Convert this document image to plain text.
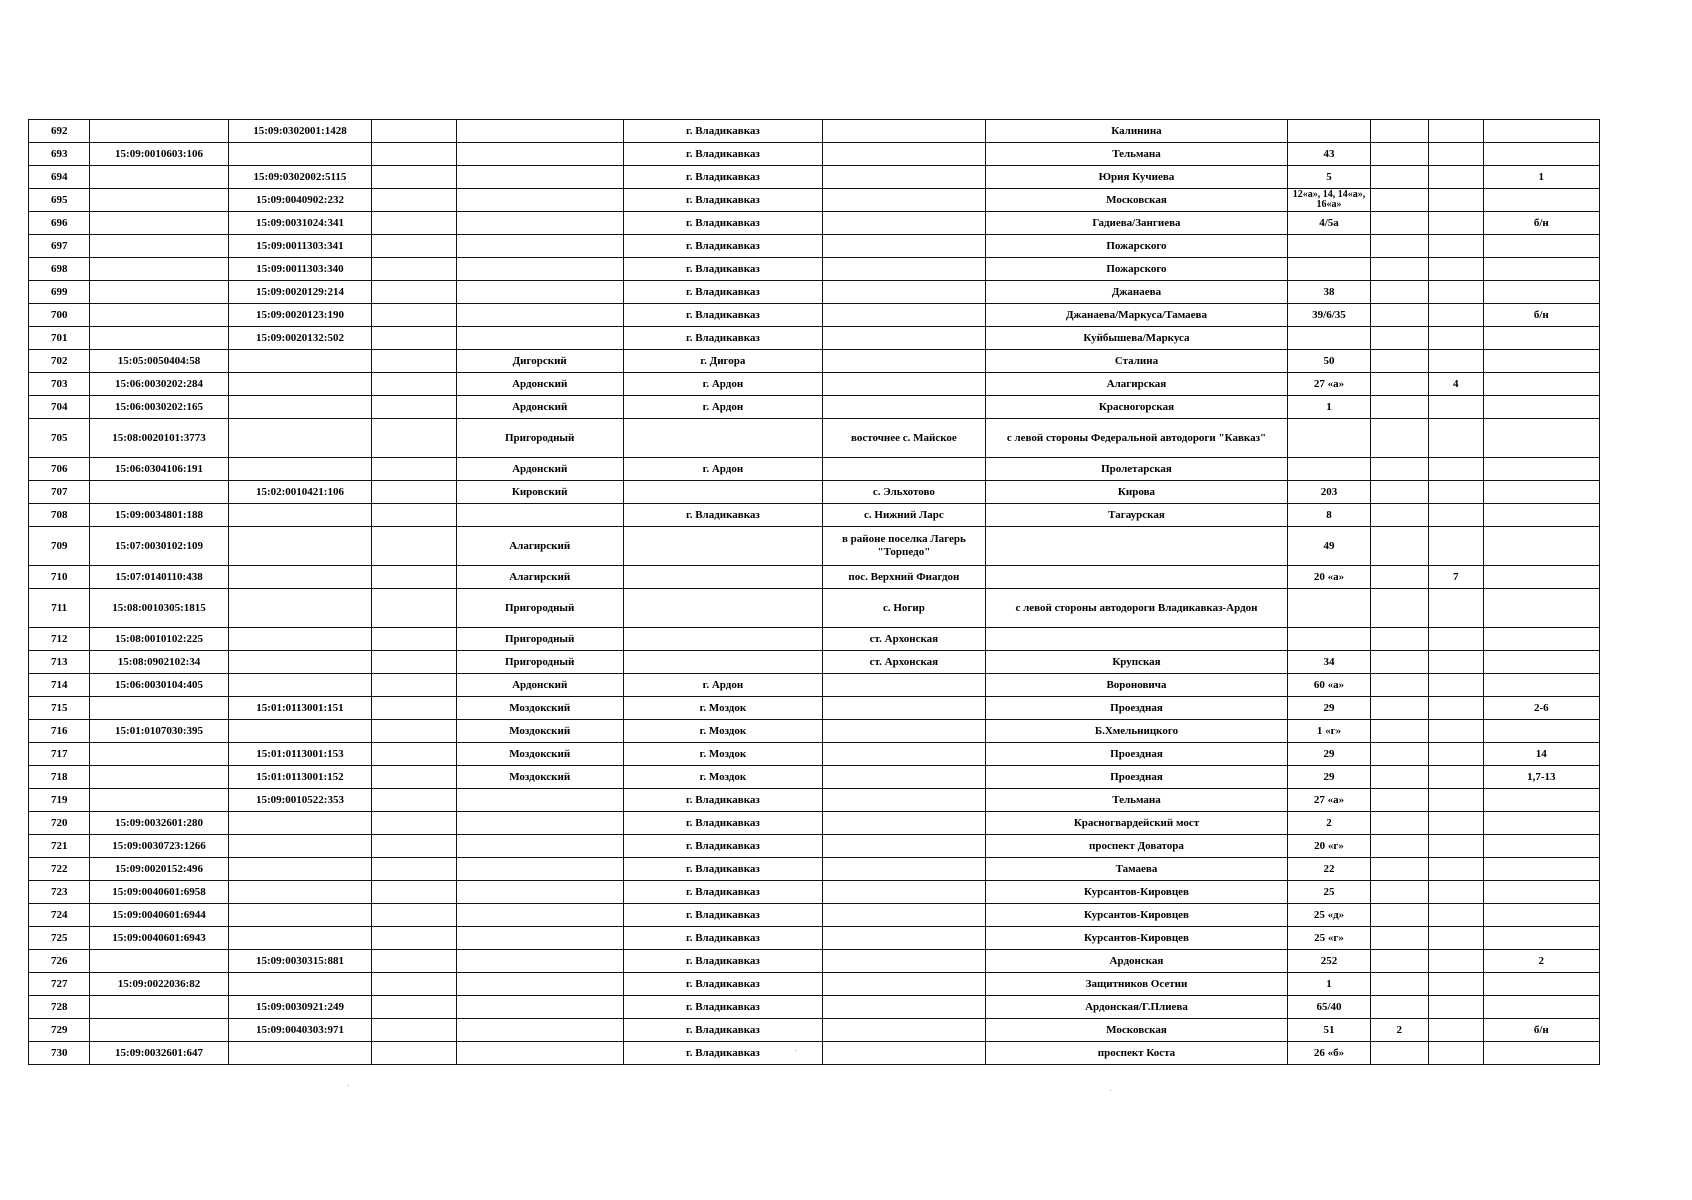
692		15:09:0302001:1428			г. Владикавказ		Калинина				
693	15:09:0010603:106				г. Владикавказ		Тельмана	43			
694		15:09:0302002:5115			г. Владикавказ		Юрия Кучиева	5			1
695		15:09:0040902:232			г. Владикавказ		Московская	12«а», 14, 14«а», 16«а»			
696		15:09:0031024:341			г. Владикавказ		Гадиева/Зангиева	4/5а			б/н
697		15:09:0011303:341			г. Владикавказ		Пожарского				
698		15:09:0011303:340			г. Владикавказ		Пожарского				
699		15:09:0020129:214			г. Владикавказ		Джанаева	38			
700		15:09:0020123:190			г. Владикавказ		Джанаева/Маркуса/Тамаева	39/6/35			б/н
701		15:09:0020132:502			г. Владикавказ		Куйбышева/Маркуса				
702	15:05:0050404:58			Дигорский	г. Дигора		Сталина	50			
703	15:06:0030202:284			Ардонский	г. Ардон		Алагирская	27 «а»		4	
704	15:06:0030202:165			Ардонский	г. Ардон		Красногорская	1			
705	15:08:0020101:3773			Пригородный		восточнее с. Майское	с левой стороны Федеральной автодороги "Кавказ"				
706	15:06:0304106:191			Ардонский	г. Ардон		Пролетарская				
707		15:02:0010421:106		Кировский		с. Эльхотово	Кирова	203			
708	15:09:0034801:188				г. Владикавказ	с. Нижний Ларс	Тагаурская	8			
709	15:07:0030102:109			Алагирский		в районе поселка Лагерь "Торпедо"		49			
710	15:07:0140110:438			Алагирский		пос. Верхний Фиагдон		20 «а»		7	
711	15:08:0010305:1815			Пригородный		с. Ногир	с левой стороны автодороги Владикавказ-Ардон				
712	15:08:0010102:225			Пригородный		ст. Архонская					
713	15:08:0902102:34			Пригородный		ст. Архонская	Крупская	34			
714	15:06:0030104:405			Ардонский	г. Ардон		Вороновича	60 «а»			
715		15:01:0113001:151		Моздокский	г. Моздок		Проездная	29			2-6
716	15:01:0107030:395			Моздокский	г. Моздок		Б.Хмельницкого	1 «г»			
717		15:01:0113001:153		Моздокский	г. Моздок		Проездная	29			14
718		15:01:0113001:152		Моздокский	г. Моздок		Проездная	29			1,7-13
719		15:09:0010522:353			г. Владикавказ		Тельмана	27 «а»			
720	15:09:0032601:280				г. Владикавказ		Красногвардейский мост	2			
721	15:09:0030723:1266				г. Владикавказ		проспект Доватора	20 «г»			
722	15:09:0020152:496				г. Владикавказ		Тамаева	22			
723	15:09:0040601:6958				г. Владикавказ		Курсантов-Кировцев	25			
724	15:09:0040601:6944				г. Владикавказ		Курсантов-Кировцев	25 «д»			
725	15:09:0040601:6943				г. Владикавказ		Курсантов-Кировцев	25 «г»			
726		15:09:0030315:881			г. Владикавказ		Ардонская	252			2
727	15:09:0022036:82				г. Владикавказ		Защитников Осетии	1			
728		15:09:0030921:249			г. Владикавказ		Ардонская/Г.Плиева	65/40			
729		15:09:0040303:971			г. Владикавказ		Московская	51	2		б/н
730	15:09:0032601:647				г. Владикавказ		проспект Коста	26 «б»			
